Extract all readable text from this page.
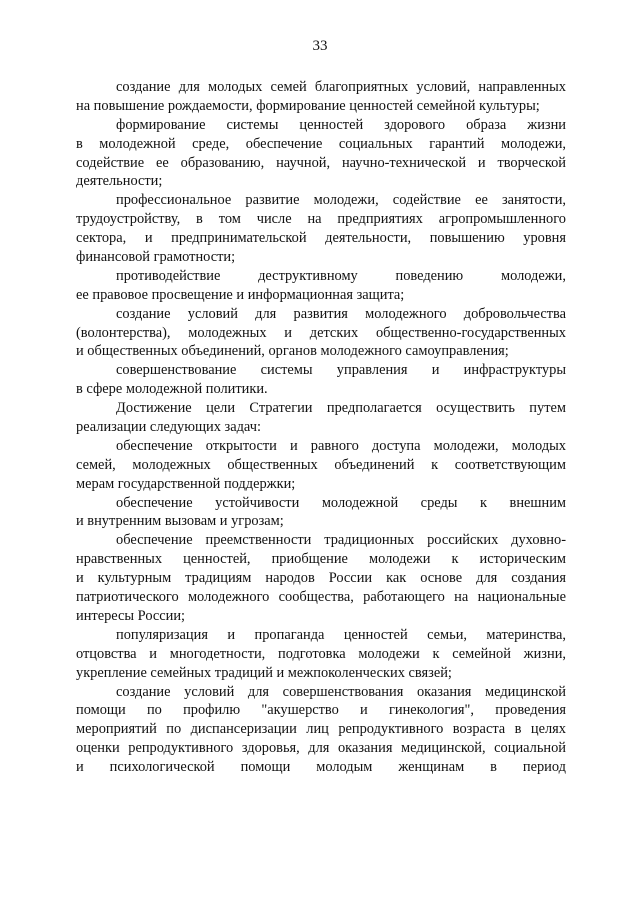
33
создание для молодых семей благоприятных условий, направленных
на повышение рождаемости, формирование ценностей семейной культуры;
формирование системы ценностей здорового образа жизни
в молодежной среде, обеспечение социальных гарантий молодежи,
содействие ее образованию, научной, научно-технической и творческой
деятельности;
профессиональное развитие молодежи, содействие ее занятости,
трудоустройству, в том числе на предприятиях агропромышленного
сектора, и предпринимательской деятельности, повышению уровня
финансовой грамотности;
противодействие деструктивному поведению молодежи,
ее правовое просвещение и информационная защита;
создание условий для развития молодежного добровольчества
(волонтерства), молодежных и детских общественно-государственных
и общественных объединений, органов молодежного самоуправления;
совершенствование системы управления и инфраструктуры
в сфере молодежной политики.
Достижение цели Стратегии предполагается осуществить путем
реализации следующих задач:
обеспечение открытости и равного доступа молодежи, молодых
семей, молодежных общественных объединений к соответствующим
мерам государственной поддержки;
обеспечение устойчивости молодежной среды к внешним
и внутренним вызовам и угрозам;
обеспечение преемственности традиционных российских духовно-
нравственных ценностей, приобщение молодежи к историческим
и культурным традициям народов России как основе для создания
патриотического молодежного сообщества, работающего на национальные
интересы России;
популяризация и пропаганда ценностей семьи, материнства,
отцовства и многодетности, подготовка молодежи к семейной жизни,
укрепление семейных традиций и межпоколенческих связей;
создание условий для совершенствования оказания медицинской
помощи по профилю "акушерство и гинекология", проведения
мероприятий по диспансеризации лиц репродуктивного возраста в целях
оценки репродуктивного здоровья, для оказания медицинской, социальной
и психологической помощи молодым женщинам в период
